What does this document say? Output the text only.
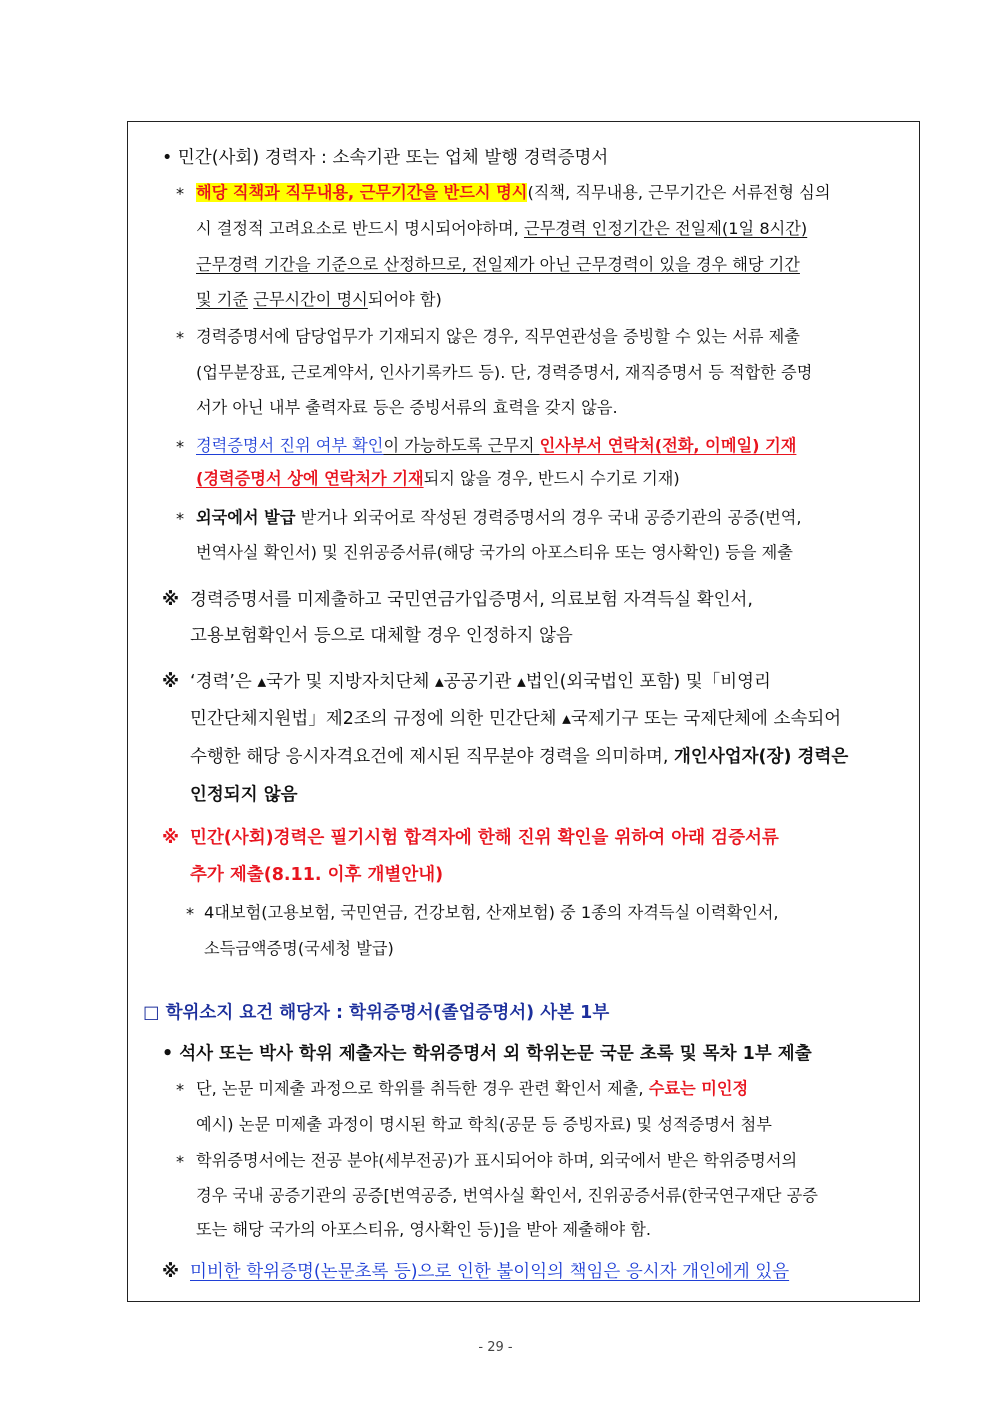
• 민간(사회) 경력자 : 소속기관 또는 업체 발행 경력증명서
* 해당 직책과 직무내용, 근무기간을 반드시 명시(직책, 직무내용, 근무기간은 서류전형 심의
시 결정적 고려요소로 반드시 명시되어야하며, 근무경력 인정기간은 전일제(1일 8시간)
근무경력 기간을 기준으로 산정하므로, 전일제가 아닌 근무경력이 있을 경우 해당 기간
및 기준 근무시간이 명시되어야 함)
* 경력증명서에 담당업무가 기재되지 않은 경우, 직무연관성을 증빙할 수 있는 서류 제출
(업무분장표, 근로계약서, 인사기록카드 등). 단, 경력증명서, 재직증명서 등 적합한 증명
서가 아닌 내부 출력자료 등은 증빙서류의 효력을 갖지 않음.
* 경력증명서 진위 여부 확인이 가능하도록 근무지 인사부서 연락처(전화, 이메일) 기재
(경력증명서 상에 연락처가 기재되지 않을 경우, 반드시 수기로 기재)
* 외국에서 발급 받거나 외국어로 작성된 경력증명서의 경우 국내 공증기관의 공증(번역,
번역사실 확인서) 및 진위공증서류(해당 국가의 아포스티유 또는 영사확인) 등을 제출
※ 경력증명서를 미제출하고 국민연금가입증명서, 의료보험 자격득실 확인서,
고용보험확인서 등으로 대체할 경우 인정하지 않음
※ ‘경력’은 ▴국가 및 지방자치단체 ▴공공기관 ▴법인(외국법인 포함) 및「비영리
민간단체지원법」제2조의 규정에 의한 민간단체 ▴국제기구 또는 국제단체에 소속되어
수행한 해당 응시자격요건에 제시된 직무분야 경력을 의미하며, 개인사업자(장) 경력은
인정되지 않음
※ 민간(사회)경력은 필기시험 합격자에 한해 진위 확인을 위하여 아래 검증서류
추가 제출(8.11. 이후 개별안내)
* 4대보험(고용보험, 국민연금, 건강보험, 산재보험) 중 1종의 자격득실 이력확인서,
소득금액증명(국세청 발급)
□ 학위소지 요건 해당자 : 학위증명서(졸업증명서) 사본 1부
• 석사 또는 박사 학위 제출자는 학위증명서 외 학위논문 국문 초록 및 목차 1부 제출
* 단, 논문 미제출 과정으로 학위를 취득한 경우 관련 확인서 제출, 수료는 미인정
예시) 논문 미제출 과정이 명시된 학교 학칙(공문 등 증빙자료) 및 성적증명서 첨부
* 학위증명서에는 전공 분야(세부전공)가 표시되어야 하며, 외국에서 받은 학위증명서의
경우 국내 공증기관의 공증[번역공증, 번역사실 확인서, 진위공증서류(한국연구재단 공증
또는 해당 국가의 아포스티유, 영사확인 등)]을 받아 제출해야 함.
※ 미비한 학위증명(논문초록 등)으로 인한 불이익의 책임은 응시자 개인에게 있음
- 29 -
